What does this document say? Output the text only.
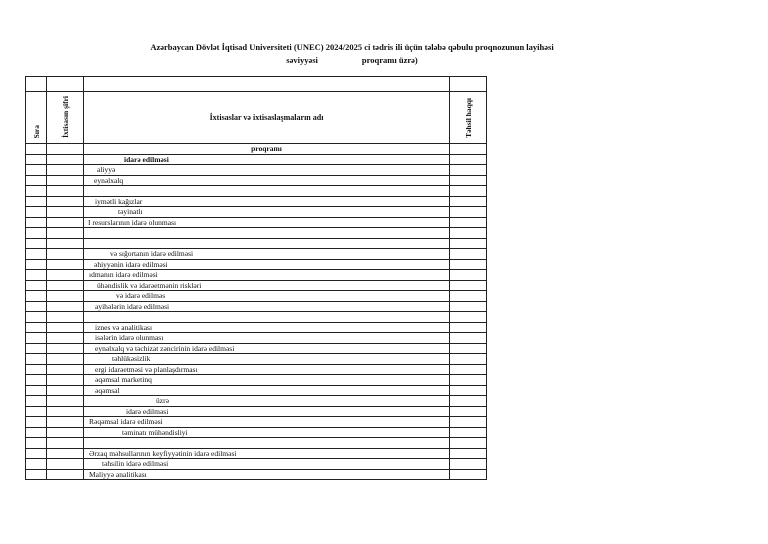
Azərbaycan Dövlət İqtisad Universiteti (UNEC) 2024/2025 ci tədris ili üçün tələbə qəbulu proqnozunun layihəsi
səviyyəsi	proqramı üzrə)

Sıra	İxtisasın şifri	İxtisaslar və ixtisaslaşmaların adı	Təhsil haqqı
		proqramı	
		idarə edilməsi	
		aliyyə	
		eynəlxalq	

		iymətli kağızlar	
		təyinatlı	
		I resurslarının idarə olunması	

		və sığortanın idarə edilməsi	
		əhiyyənin idarə edilməsi	
		ıdmanın idarə edilməsi	
		ühəndislik və idarəetmənin riskləri	
		və idarə edilməs	
		ayihələrin idarə edilməsi	

		iznes və analitikası	
		isələrin idarə olunması	
		eynəlxalq və təchizat zəncirinin idarə edilməsi	
		təhlükəsizlik	
		ergi idarəetməsi və planlaşdırması	
		əqəmsal marketinq	
		əqəmsal	
		üzrə	
		idarə edilməsi	
		Rəqəmsal idarə edilməsi	
		təminatı mühəndisliyi	

		Ərzaq məhsullarının keyfiyyətinin idarə edilməsi	
		təhsilin idarə edilməsi	
		Maliyyə analitikası	
